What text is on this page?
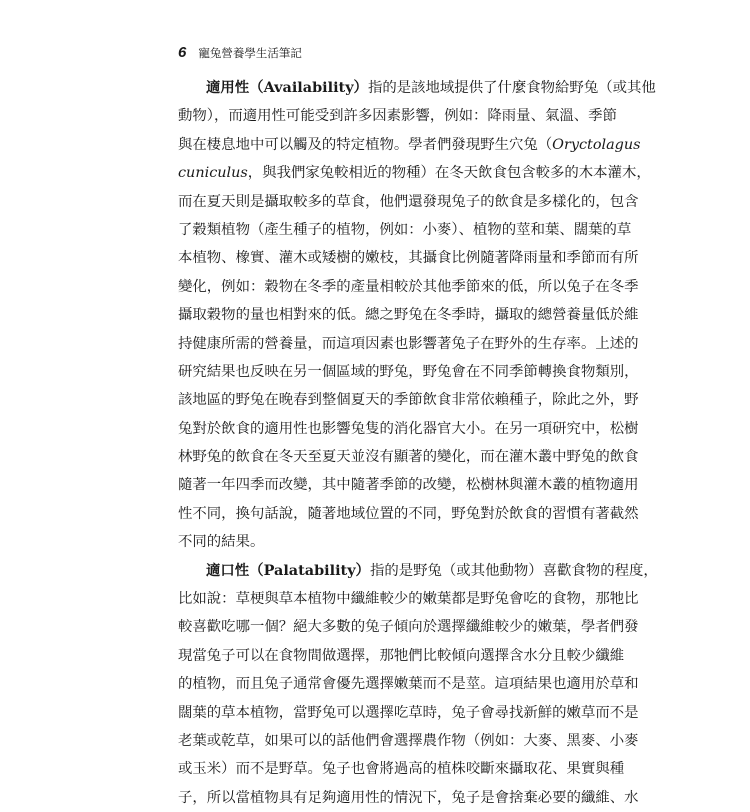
6 寵兔營養學生活筆記
適用性（Availability）指的是該地域提供了什麼食物給野兔（或其他
動物），而適用性可能受到許多因素影響，例如：降雨量、氣溫、季節
與在棲息地中可以觸及的特定植物。學者們發現野生穴兔（Oryctolagus
cuniculus，與我們家兔較相近的物種）在冬天飲食包含較多的木本灌木，
而在夏天則是攝取較多的草食，他們還發現兔子的飲食是多樣化的，包含
了穀類植物（產生種子的植物，例如：小麥）、植物的莖和葉、闊葉的草
本植物、橡實、灌木或矮樹的嫩枝，其攝食比例隨著降雨量和季節而有所
變化，例如：穀物在冬季的產量相較於其他季節來的低，所以兔子在冬季
攝取穀物的量也相對來的低。總之野兔在冬季時，攝取的總營養量低於維
持健康所需的營養量，而這項因素也影響著兔子在野外的生存率。上述的
研究結果也反映在另一個區域的野兔，野兔會在不同季節轉換食物類別，
該地區的野兔在晚春到整個夏天的季節飲食非常依賴種子，除此之外，野
兔對於飲食的適用性也影響兔隻的消化器官大小。在另一項研究中，松樹
林野兔的飲食在冬天至夏天並沒有顯著的變化，而在灌木叢中野兔的飲食
隨著一年四季而改變，其中隨著季節的改變，松樹林與灌木叢的植物適用
性不同，換句話說，隨著地域位置的不同，野兔對於飲食的習慣有著截然
不同的結果。
適口性（Palatability）指的是野兔（或其他動物）喜歡食物的程度，
比如說：草梗與草本植物中纖維較少的嫩葉都是野兔會吃的食物，那牠比
較喜歡吃哪一個？絕大多數的兔子傾向於選擇纖維較少的嫩葉，學者們發
現當兔子可以在食物間做選擇，那牠們比較傾向選擇含水分且較少纖維
的植物，而且兔子通常會優先選擇嫩葉而不是莖。這項結果也適用於草和
闊葉的草本植物，當野兔可以選擇吃草時，兔子會尋找新鮮的嫩草而不是
老葉或乾草，如果可以的話他們會選擇農作物（例如：大麥、黑麥、小麥
或玉米）而不是野草。兔子也會將過高的植株咬斷來攝取花、果實與種
子，所以當植物具有足夠適用性的情況下，兔子是會捨棄必要的纖維、水
